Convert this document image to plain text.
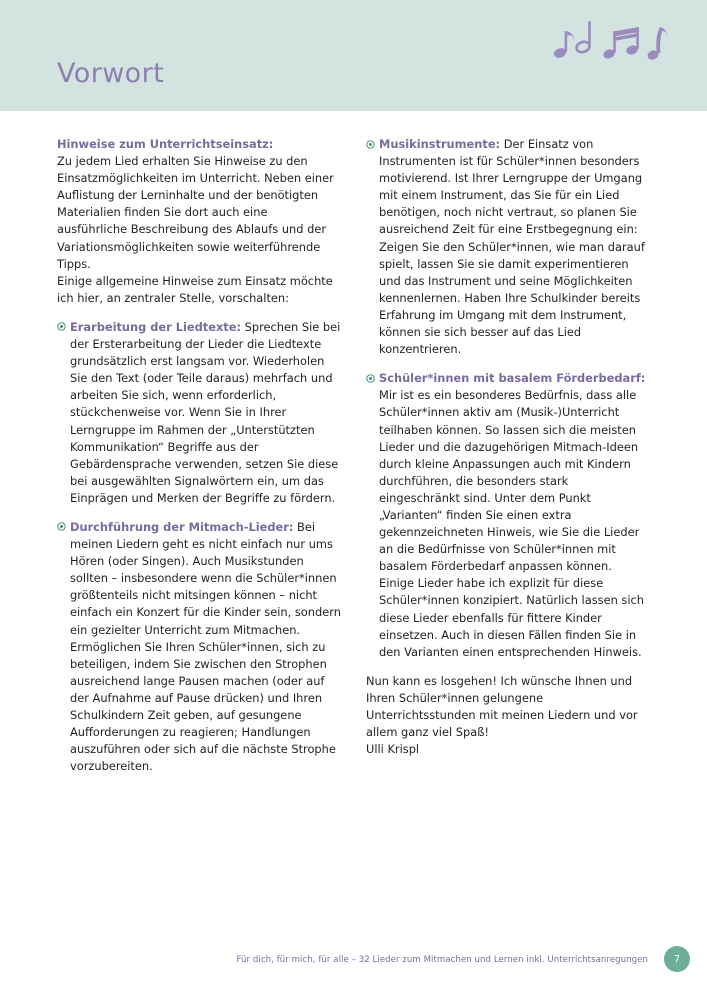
Vorwort

Hinweise zum Unterrichtseinsatz:
Zu jedem Lied erhalten Sie Hinweise zu den Einsatzmöglichkeiten im Unterricht. Neben einer Auflistung der Lerninhalte und der benötigten Materialien finden Sie dort auch eine ausführliche Beschreibung des Ablaufs und der Variationsmöglichkeiten sowie weiterführende Tipps.

Einige allgemeine Hinweise zum Einsatz möchte ich hier, an zentraler Stelle, vorschalten:

Erarbeitung der Liedtexte: Sprechen Sie bei der Ersterarbeitung der Lieder die Liedtexte grundsätzlich erst langsam vor. Wiederholen Sie den Text (oder Teile daraus) mehrfach und arbeiten Sie sich, wenn erforderlich, stückchenweise vor. Wenn Sie in Ihrer Lerngruppe im Rahmen der „Unterstützten Kommunikation“ Begriffe aus der Gebärdensprache verwenden, setzen Sie diese bei ausgewählten Signalwörtern ein, um das Einprägen und Merken der Begriffe zu fördern.

Durchführung der Mitmach-Lieder: Bei meinen Liedern geht es nicht einfach nur ums Hören (oder Singen). Auch Musikstunden sollten – insbesondere wenn die Schüler*innen größtenteils nicht mitsingen können – nicht einfach ein Konzert für die Kinder sein, sondern ein gezielter Unterricht zum Mitmachen. Ermöglichen Sie Ihren Schüler*innen, sich zu beteiligen, indem Sie zwischen den Strophen ausreichend lange Pausen machen (oder auf der Aufnahme auf Pause drücken) und Ihren Schulkindern Zeit geben, auf gesungene Aufforderungen zu reagieren; Handlungen auszuführen oder sich auf die nächste Strophe vorzubereiten.

Musikinstrumente: Der Einsatz von Instrumenten ist für Schüler*innen besonders motivierend. Ist Ihrer Lerngruppe der Umgang mit einem Instrument, das Sie für ein Lied benötigen, noch nicht vertraut, so planen Sie ausreichend Zeit für eine Erstbegegnung ein: Zeigen Sie den Schüler*innen, wie man darauf spielt, lassen Sie sie damit experimentieren und das Instrument und seine Möglichkeiten kennenlernen. Haben Ihre Schulkinder bereits Erfahrung im Umgang mit dem Instrument, können sie sich besser auf das Lied konzentrieren.

Schüler*innen mit basalem Förderbedarf:
Mir ist es ein besonderes Bedürfnis, dass alle Schüler*innen aktiv am (Musik-)Unterricht teilhaben können. So lassen sich die meisten Lieder und die dazugehörigen Mitmach-Ideen durch kleine Anpassungen auch mit Kindern durchführen, die besonders stark eingeschränkt sind. Unter dem Punkt „Varianten“ finden Sie einen extra gekennzeichneten Hinweis, wie Sie die Lieder an die Bedürfnisse von Schüler*innen mit basalem Förderbedarf anpassen können. Einige Lieder habe ich explizit für diese Schüler*innen konzipiert. Natürlich lassen sich diese Lieder ebenfalls für fittere Kinder einsetzen. Auch in diesen Fällen finden Sie in den Varianten einen entsprechenden Hinweis.

Nun kann es losgehen! Ich wünsche Ihnen und Ihren Schüler*innen gelungene Unterrichtsstunden mit meinen Liedern und vor allem ganz viel Spaß!

Ulli Krispl

Für dich, für mich, für alle – 32 Lieder zum Mitmachen und Lernen inkl. Unterrichtsanregungen	7
